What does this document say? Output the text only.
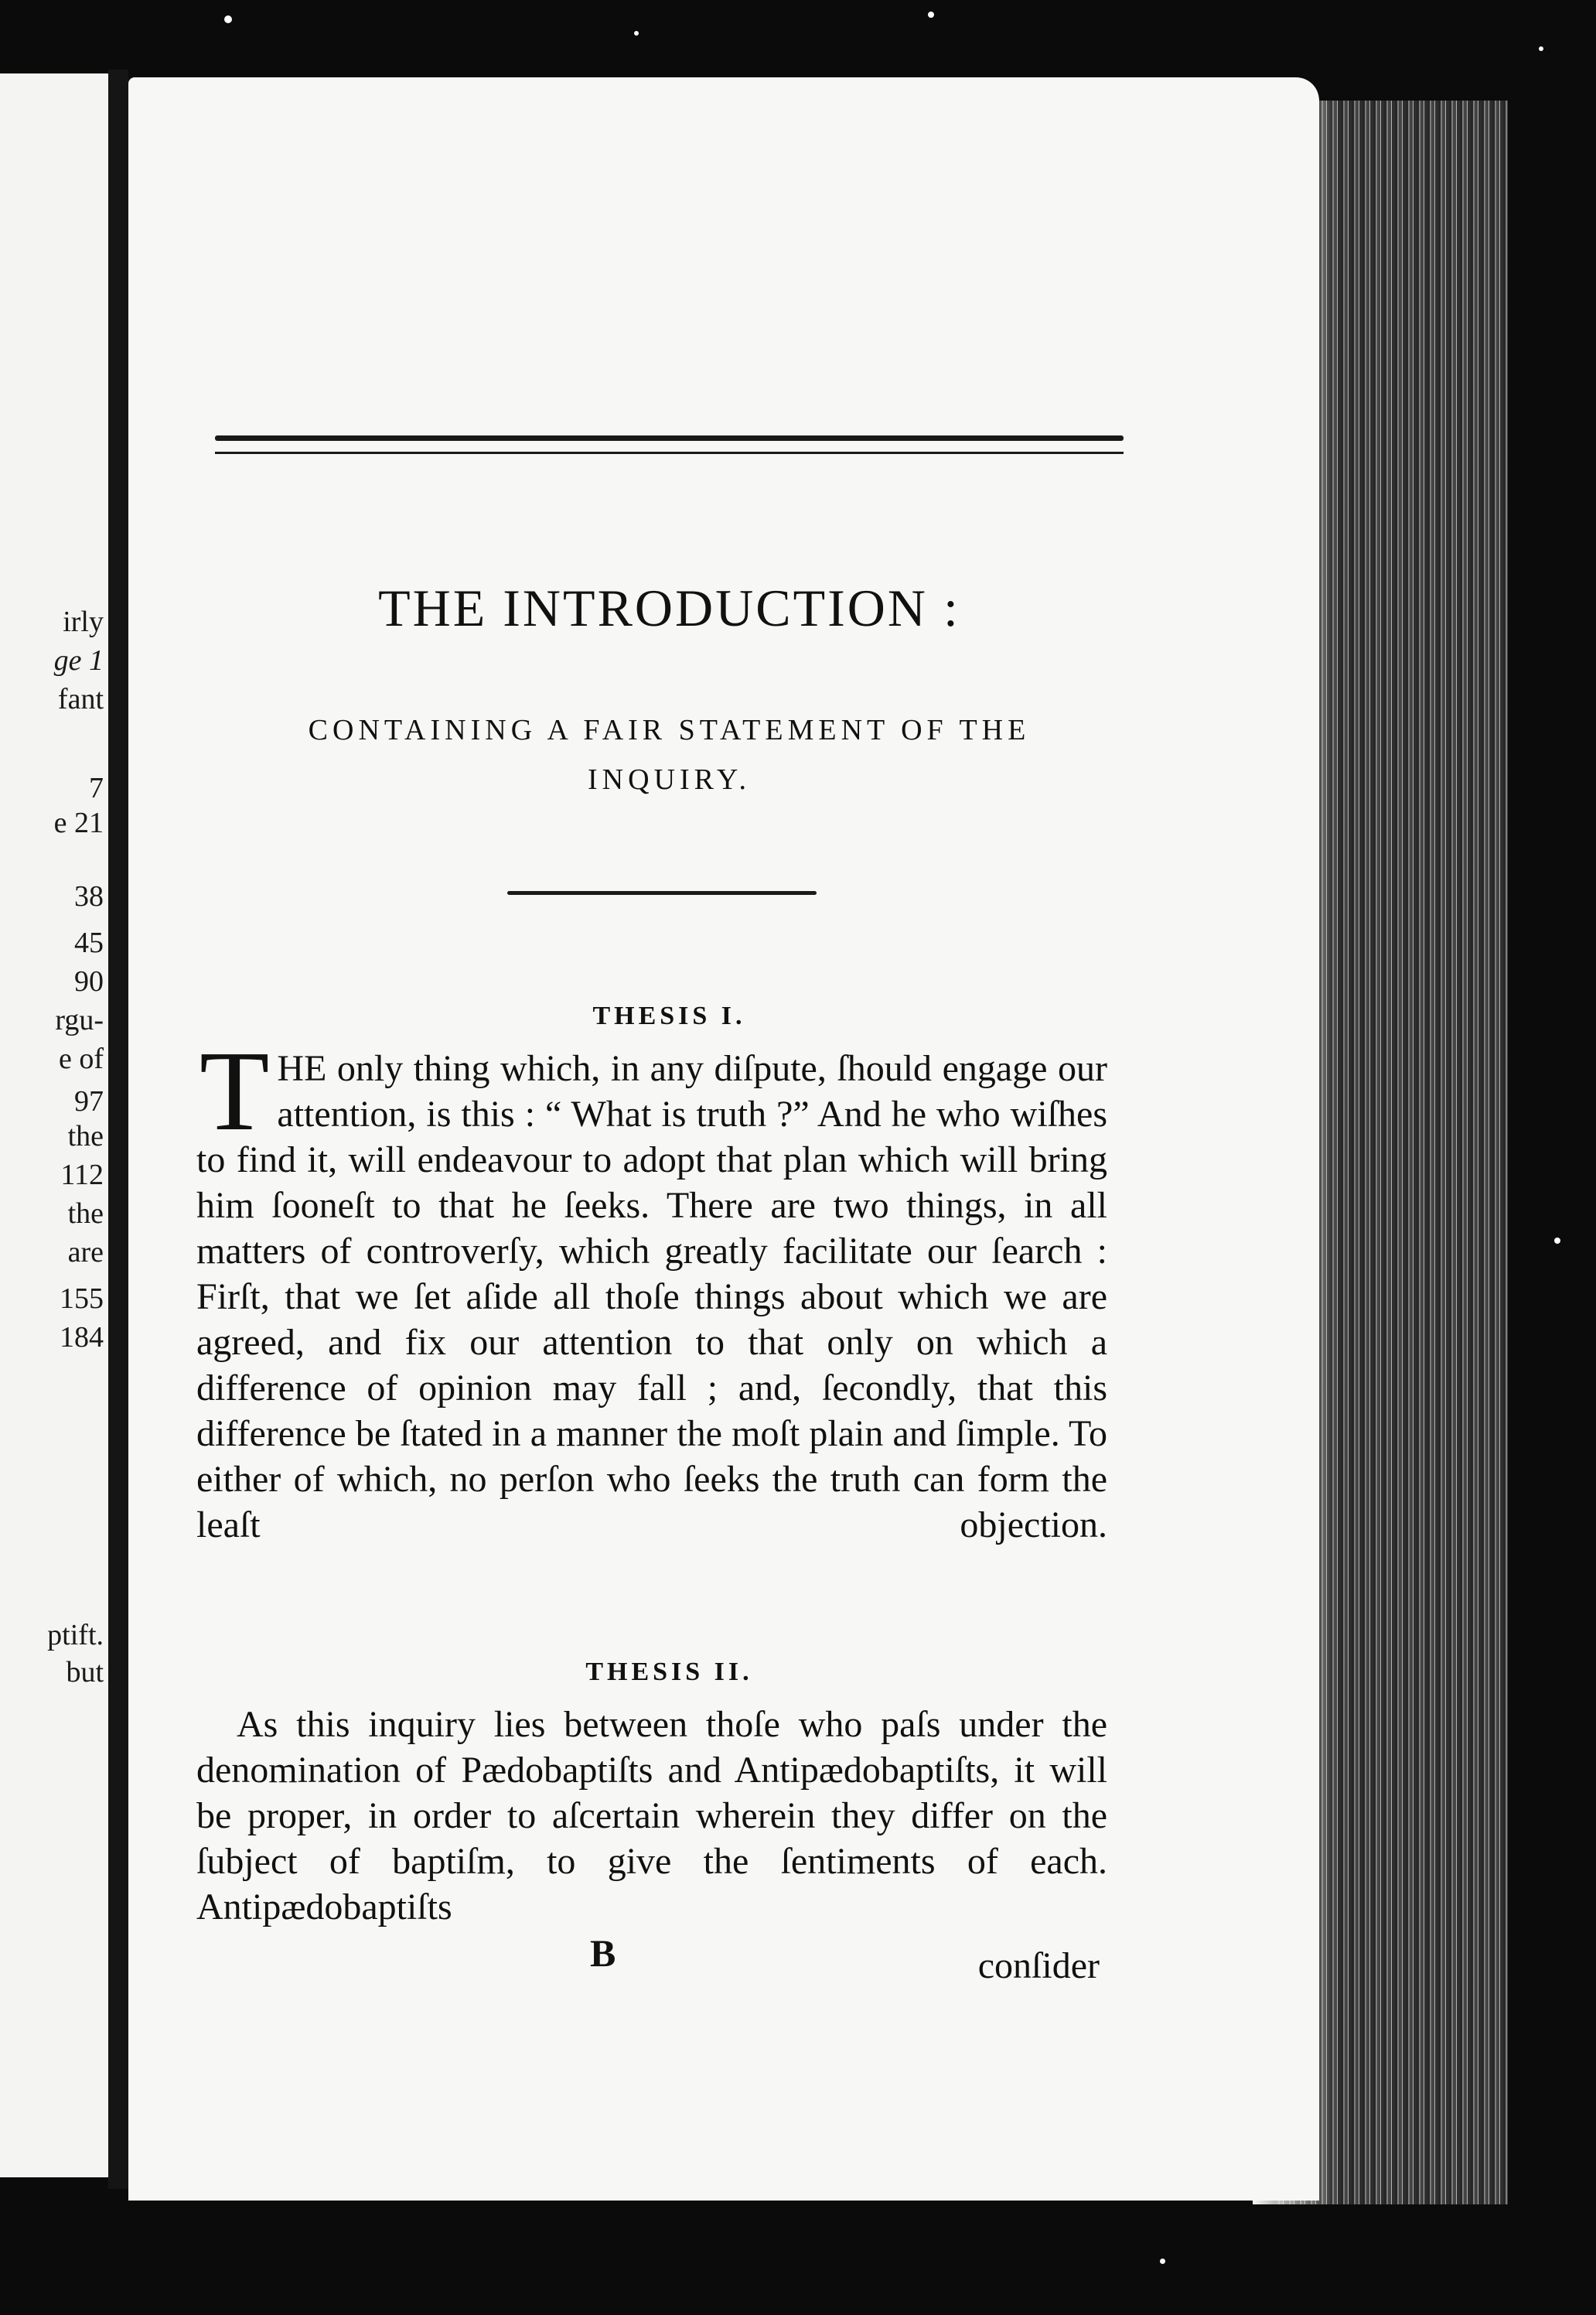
irly
ge 1
fant
7
e 21
38
45
90
rgu-
e of
97
the
112
the
are
155
184
ptift.
but
THE INTRODUCTION :
CONTAINING A FAIR STATEMENT OF THE
INQUIRY.
THESIS I.
T HE only thing which, in any diſpute, ſhould engage our attention, is this : “ What is truth ?” And he who wiſhes to find it, will endeavour to adopt that plan which will bring him ſooneſt to that he ſeeks. There are two things, in all matters of controverſy, which greatly facilitate our ſearch : Firſt, that we ſet aſide all thoſe things about which we are agreed, and fix our attention to that only on which a difference of opinion may fall ; and, ſecondly, that this difference be ſtated in a manner the moſt plain and ſimple. To either of which, no perſon who ſeeks the truth can form the leaſt objection.

THESIS II.

As this inquiry lies between thoſe who paſs under the denomination of Pædobaptiſts and Antipædobaptiſts, it will be proper, in order to aſcertain wherein they differ on the ſubject of baptiſm, to give the ſentiments of each. Antipædobaptiſts

B	conſider
